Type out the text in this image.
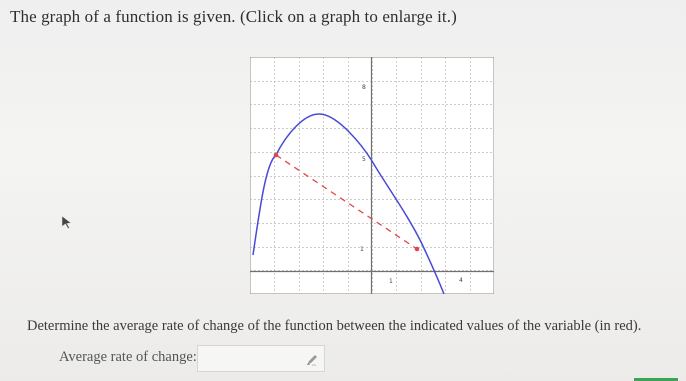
The graph of a function is given. (Click on a graph to enlarge it.)
8
5
1
1	4
Determine the average rate of change of the function between the indicated values of the variable (in red).
Average rate of change:
